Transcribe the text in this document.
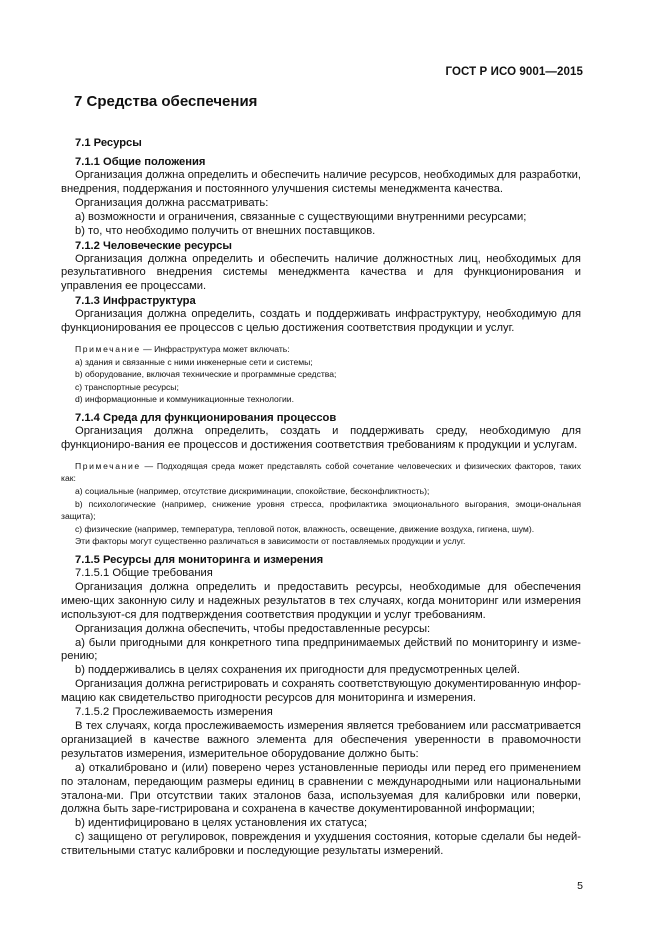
ГОСТ Р ИСО 9001—2015
7 Средства обеспечения
7.1 Ресурсы
7.1.1 Общие положения
Организация должна определить и обеспечить наличие ресурсов, необходимых для разработки, внедрения, поддержания и постоянного улучшения системы менеджмента качества.
Организация должна рассматривать:
a) возможности и ограничения, связанные с существующими внутренними ресурсами;
b) то, что необходимо получить от внешних поставщиков.
7.1.2 Человеческие ресурсы
Организация должна определить и обеспечить наличие должностных лиц, необходимых для результативного внедрения системы менеджмента качества и для функционирования и управления ее процессами.
7.1.3 Инфраструктура
Организация должна определить, создать и поддерживать инфраструктуру, необходимую для функционирования ее процессов с целью достижения соответствия продукции и услуг.
Примечание — Инфраструктура может включать:
a) здания и связанные с ними инженерные сети и системы;
b) оборудование, включая технические и программные средства;
c) транспортные ресурсы;
d) информационные и коммуникационные технологии.
7.1.4 Среда для функционирования процессов
Организация должна определить, создать и поддерживать среду, необходимую для функциониро-вания ее процессов и достижения соответствия требованиям к продукции и услугам.
Примечание — Подходящая среда может представлять собой сочетание человеческих и физических факторов, таких как:
a) социальные (например, отсутствие дискриминации, спокойствие, бесконфликтность);
b) психологические (например, снижение уровня стресса, профилактика эмоционального выгорания, эмоци-ональная защита);
c) физические (например, температура, тепловой поток, влажность, освещение, движение воздуха, гигиена, шум).
Эти факторы могут существенно различаться в зависимости от поставляемых продукции и услуг.
7.1.5 Ресурсы для мониторинга и измерения
7.1.5.1 Общие требования
Организация должна определить и предоставить ресурсы, необходимые для обеспечения имею-щих законную силу и надежных результатов в тех случаях, когда мониторинг или измерения используют-ся для подтверждения соответствия продукции и услуг требованиям.
Организация должна обеспечить, чтобы предоставленные ресурсы:
a) были пригодными для конкретного типа предпринимаемых действий по мониторингу и изме-рению;
b) поддерживались в целях сохранения их пригодности для предусмотренных целей.
Организация должна регистрировать и сохранять соответствующую документированную инфор-мацию как свидетельство пригодности ресурсов для мониторинга и измерения.
7.1.5.2 Прослеживаемость измерения
В тех случаях, когда прослеживаемость измерения является требованием или рассматривается организацией в качестве важного элемента для обеспечения уверенности в правомочности результатов измерения, измерительное оборудование должно быть:
a) откалибровано и (или) поверено через установленные периоды или перед его применением по эталонам, передающим размеры единиц в сравнении с международными или национальными эталона-ми. При отсутствии таких эталонов база, используемая для калибровки или поверки, должна быть заре-гистрирована и сохранена в качестве документированной информации;
b) идентифицировано в целях установления их статуса;
c) защищено от регулировок, повреждения и ухудшения состояния, которые сделали бы недей-ствительными статус калибровки и последующие результаты измерений.
5
